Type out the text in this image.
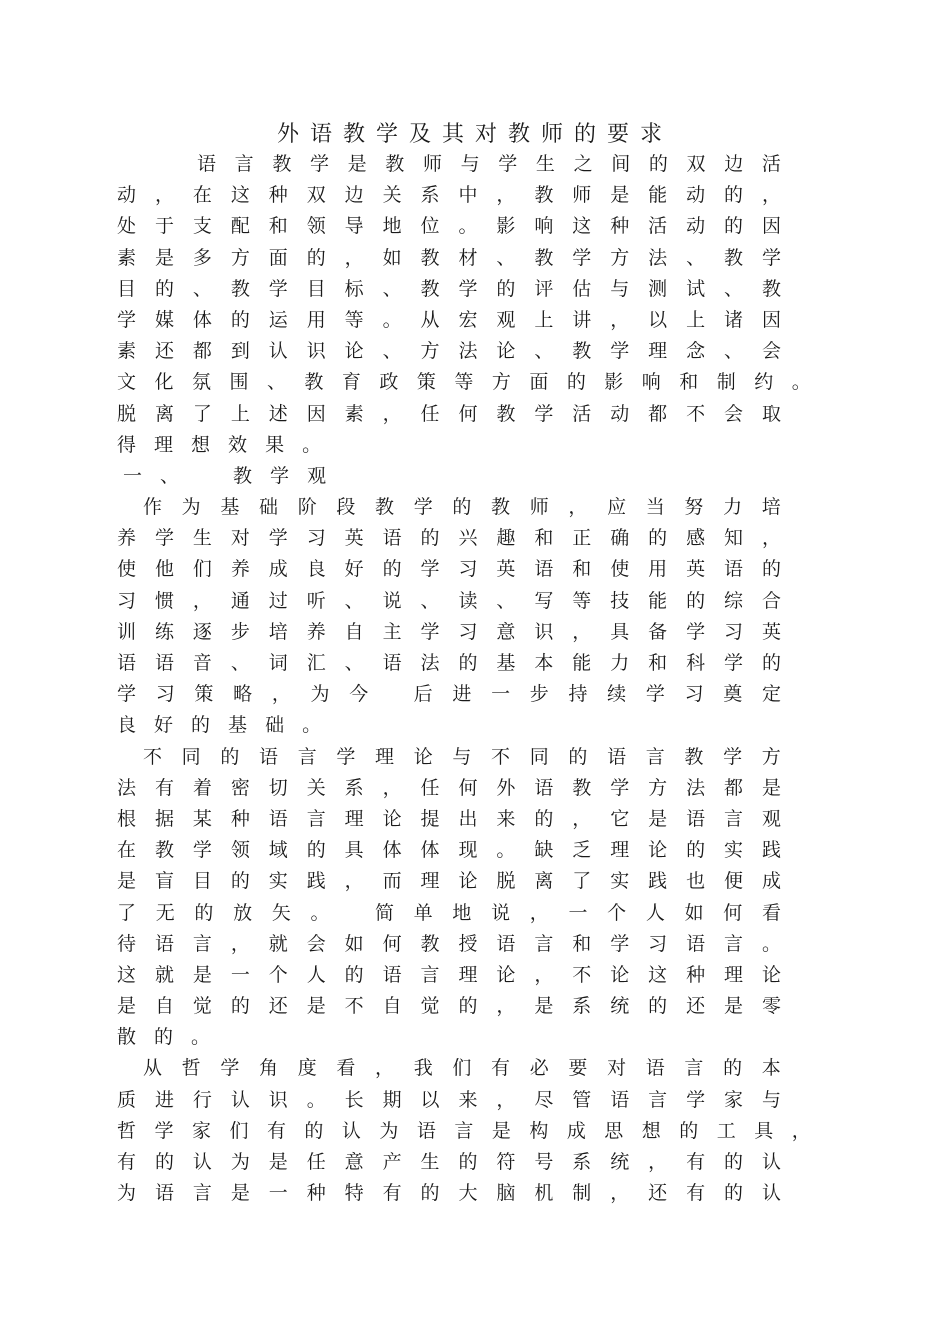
外语教学及其对教师的要求
语 言 教 学 是 教 师 与 学 生 之 间 的 双 边 活
动 ， 在 这 种 双 边 关 系 中 ， 教 师 是 能 动 的 ，
处 于 支 配 和 领 导 地 位 。 影 响 这 种 活 动 的 因
素 是 多 方 面 的 ， 如 教 材 、 教 学 方 法 、 教 学
目 的 、 教 学 目 标 、 教 学 的 评 估 与 测 试 、 教
学 媒 体 的 运 用 等 。 从 宏 观 上 讲 ， 以 上 诸 因
素 还 都 到 认 识 论 、 方 法 论 、 教 学 理 念 、 会
文 化 氛 围 、 教 育 政 策 等 方 面 的 影 响 和 制 约 。
脱 离 了 上 述 因 素 ， 任 何 教 学 活 动 都 不 会 取
得 理 想 效 果 。
一 、
	教 学 观
作 为 基 础 阶 段 教 学 的 教 师 ， 应 当 努 力 培
养 学 生 对 学 习 英 语 的 兴 趣 和 正 确 的 感 知 ，
使 他 们 养 成 良 好 的 学 习 英 语 和 使 用 英 语 的
习 惯 ， 通 过 听 、 说 、 读 、 写 等 技 能 的 综 合
训 练 逐 步 培 养 自 主 学 习 意 识 ， 具 备 学 习 英
语 语 音 、 词 汇 、 语 法 的 基 本 能 力 和 科 学 的
学 习 策 略 ， 为 今
后 进 一 步 持 续 学 习 奠 定
良 好 的 基 础 。
不 同 的 语 言 学 理 论 与 不 同 的 语 言 教 学 方
法 有 着 密 切 关 系 ， 任 何 外 语 教 学 方 法 都 是
根 据 某 种 语 言 理 论 提 出 来 的 ， 它 是 语 言 观
在 教 学 领 域 的 具 体 体 现 。 缺 乏 理 论 的 实 践
是 盲 目 的 实 践 ， 而 理 论 脱 离 了 实 践 也 便 成
了 无 的 放 矢 。
简 单 地 说 ， 一 个 人 如 何 看
待 语 言 ， 就 会 如 何 教 授 语 言 和 学 习 语 言 。
这 就 是 一 个 人 的 语 言 理 论 ， 不 论 这 种 理 论
是 自 觉 的 还 是 不 自 觉 的 ， 是 系 统 的 还 是 零
散 的 。
从 哲 学 角 度 看 ， 我 们 有 必 要 对 语 言 的 本
质 进 行 认 识 。 长 期 以 来 ， 尽 管 语 言 学 家 与
哲 学 家 们 有 的 认 为 语 言 是 构 成 思 想 的 工 具 ，
有 的 认 为 是 任 意 产 生 的 符 号 系 统 ， 有 的 认
为 语 言 是 一 种 特 有 的 大 脑 机 制 ， 还 有 的 认
